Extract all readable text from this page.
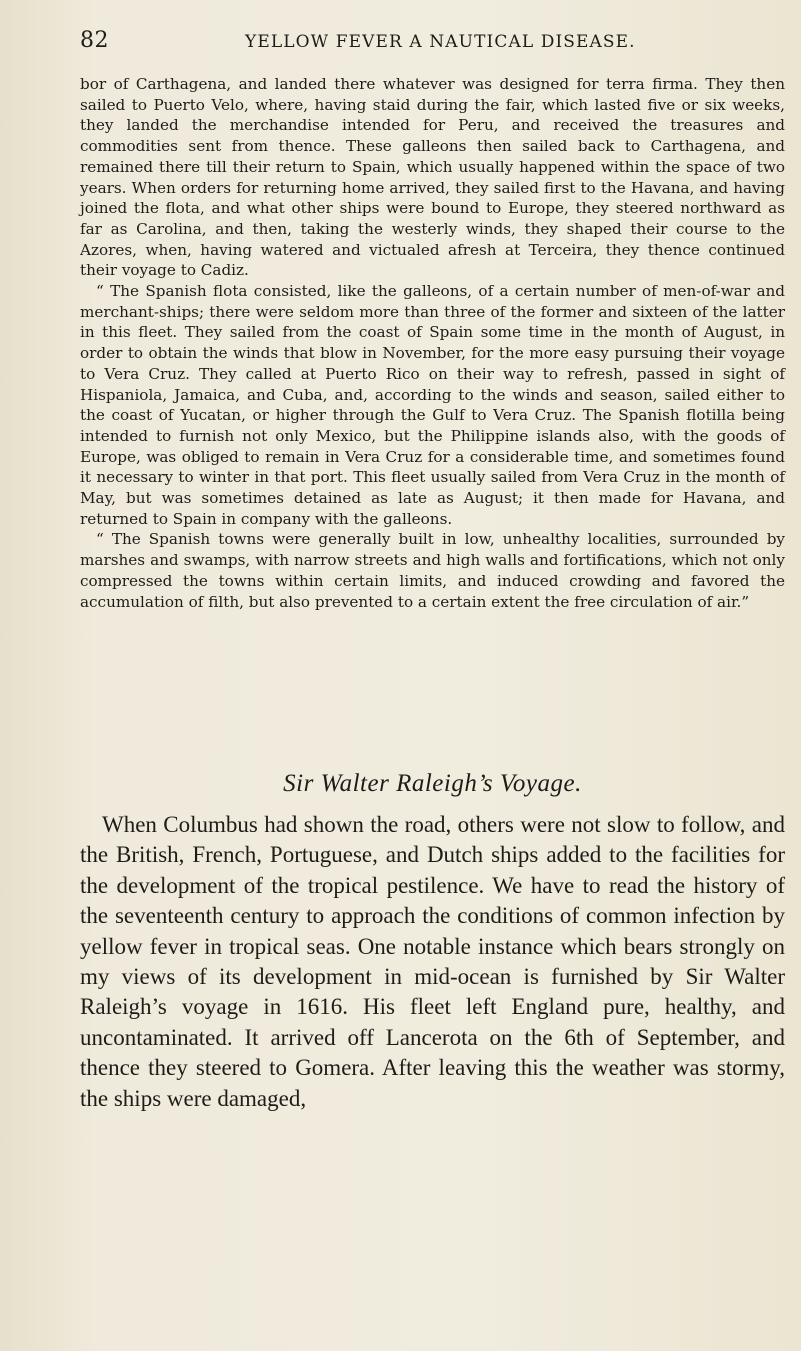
82	YELLOW FEVER A NAUTICAL DISEASE.

bor of Carthagena, and landed there whatever was designed for terra firma. They then sailed to Puerto Velo, where, having staid during the fair, which lasted five or six weeks, they landed the merchandise intended for Peru, and received the treasures and commodities sent from thence. These galleons then sailed back to Carthagena, and remained there till their return to Spain, which usually happened within the space of two years. When orders for returning home arrived, they sailed first to the Havana, and having joined the flota, and what other ships were bound to Europe, they steered northward as far as Carolina, and then, taking the westerly winds, they shaped their course to the Azores, when, having watered and victualed afresh at Terceira, they thence continued their voyage to Cadiz.

“ The Spanish flota consisted, like the galleons, of a certain number of men-of-war and merchant-ships; there were seldom more than three of the former and sixteen of the latter in this fleet. They sailed from the coast of Spain some time in the month of August, in order to obtain the winds that blow in November, for the more easy pursuing their voyage to Vera Cruz. They called at Puerto Rico on their way to refresh, passed in sight of Hispaniola, Jamaica, and Cuba, and, according to the winds and season, sailed either to the coast of Yucatan, or higher through the Gulf to Vera Cruz. The Spanish flotilla being intended to furnish not only Mexico, but the Philippine islands also, with the goods of Europe, was obliged to remain in Vera Cruz for a considerable time, and sometimes found it necessary to winter in that port. This fleet usually sailed from Vera Cruz in the month of May, but was sometimes detained as late as August; it then made for Havana, and returned to Spain in company with the galleons.

“ The Spanish towns were generally built in low, unhealthy localities, surrounded by marshes and swamps, with narrow streets and high walls and fortifications, which not only compressed the towns within certain limits, and induced crowding and favored the accumulation of filth, but also prevented to a certain extent the free circulation of air.”

Sir Walter Raleigh’s Voyage.

When Columbus had shown the road, others were not slow to follow, and the British, French, Portuguese, and Dutch ships added to the facilities for the development of the tropical pestilence. We have to read the history of the seventeenth century to approach the conditions of common infection by yellow fever in tropical seas. One notable instance which bears strongly on my views of its development in mid-ocean is furnished by Sir Walter Raleigh’s voyage in 1616. His fleet left England pure, healthy, and uncontaminated. It arrived off Lancerota on the 6th of September, and thence they steered to Gomera. After leaving this the weather was stormy, the ships were damaged,
